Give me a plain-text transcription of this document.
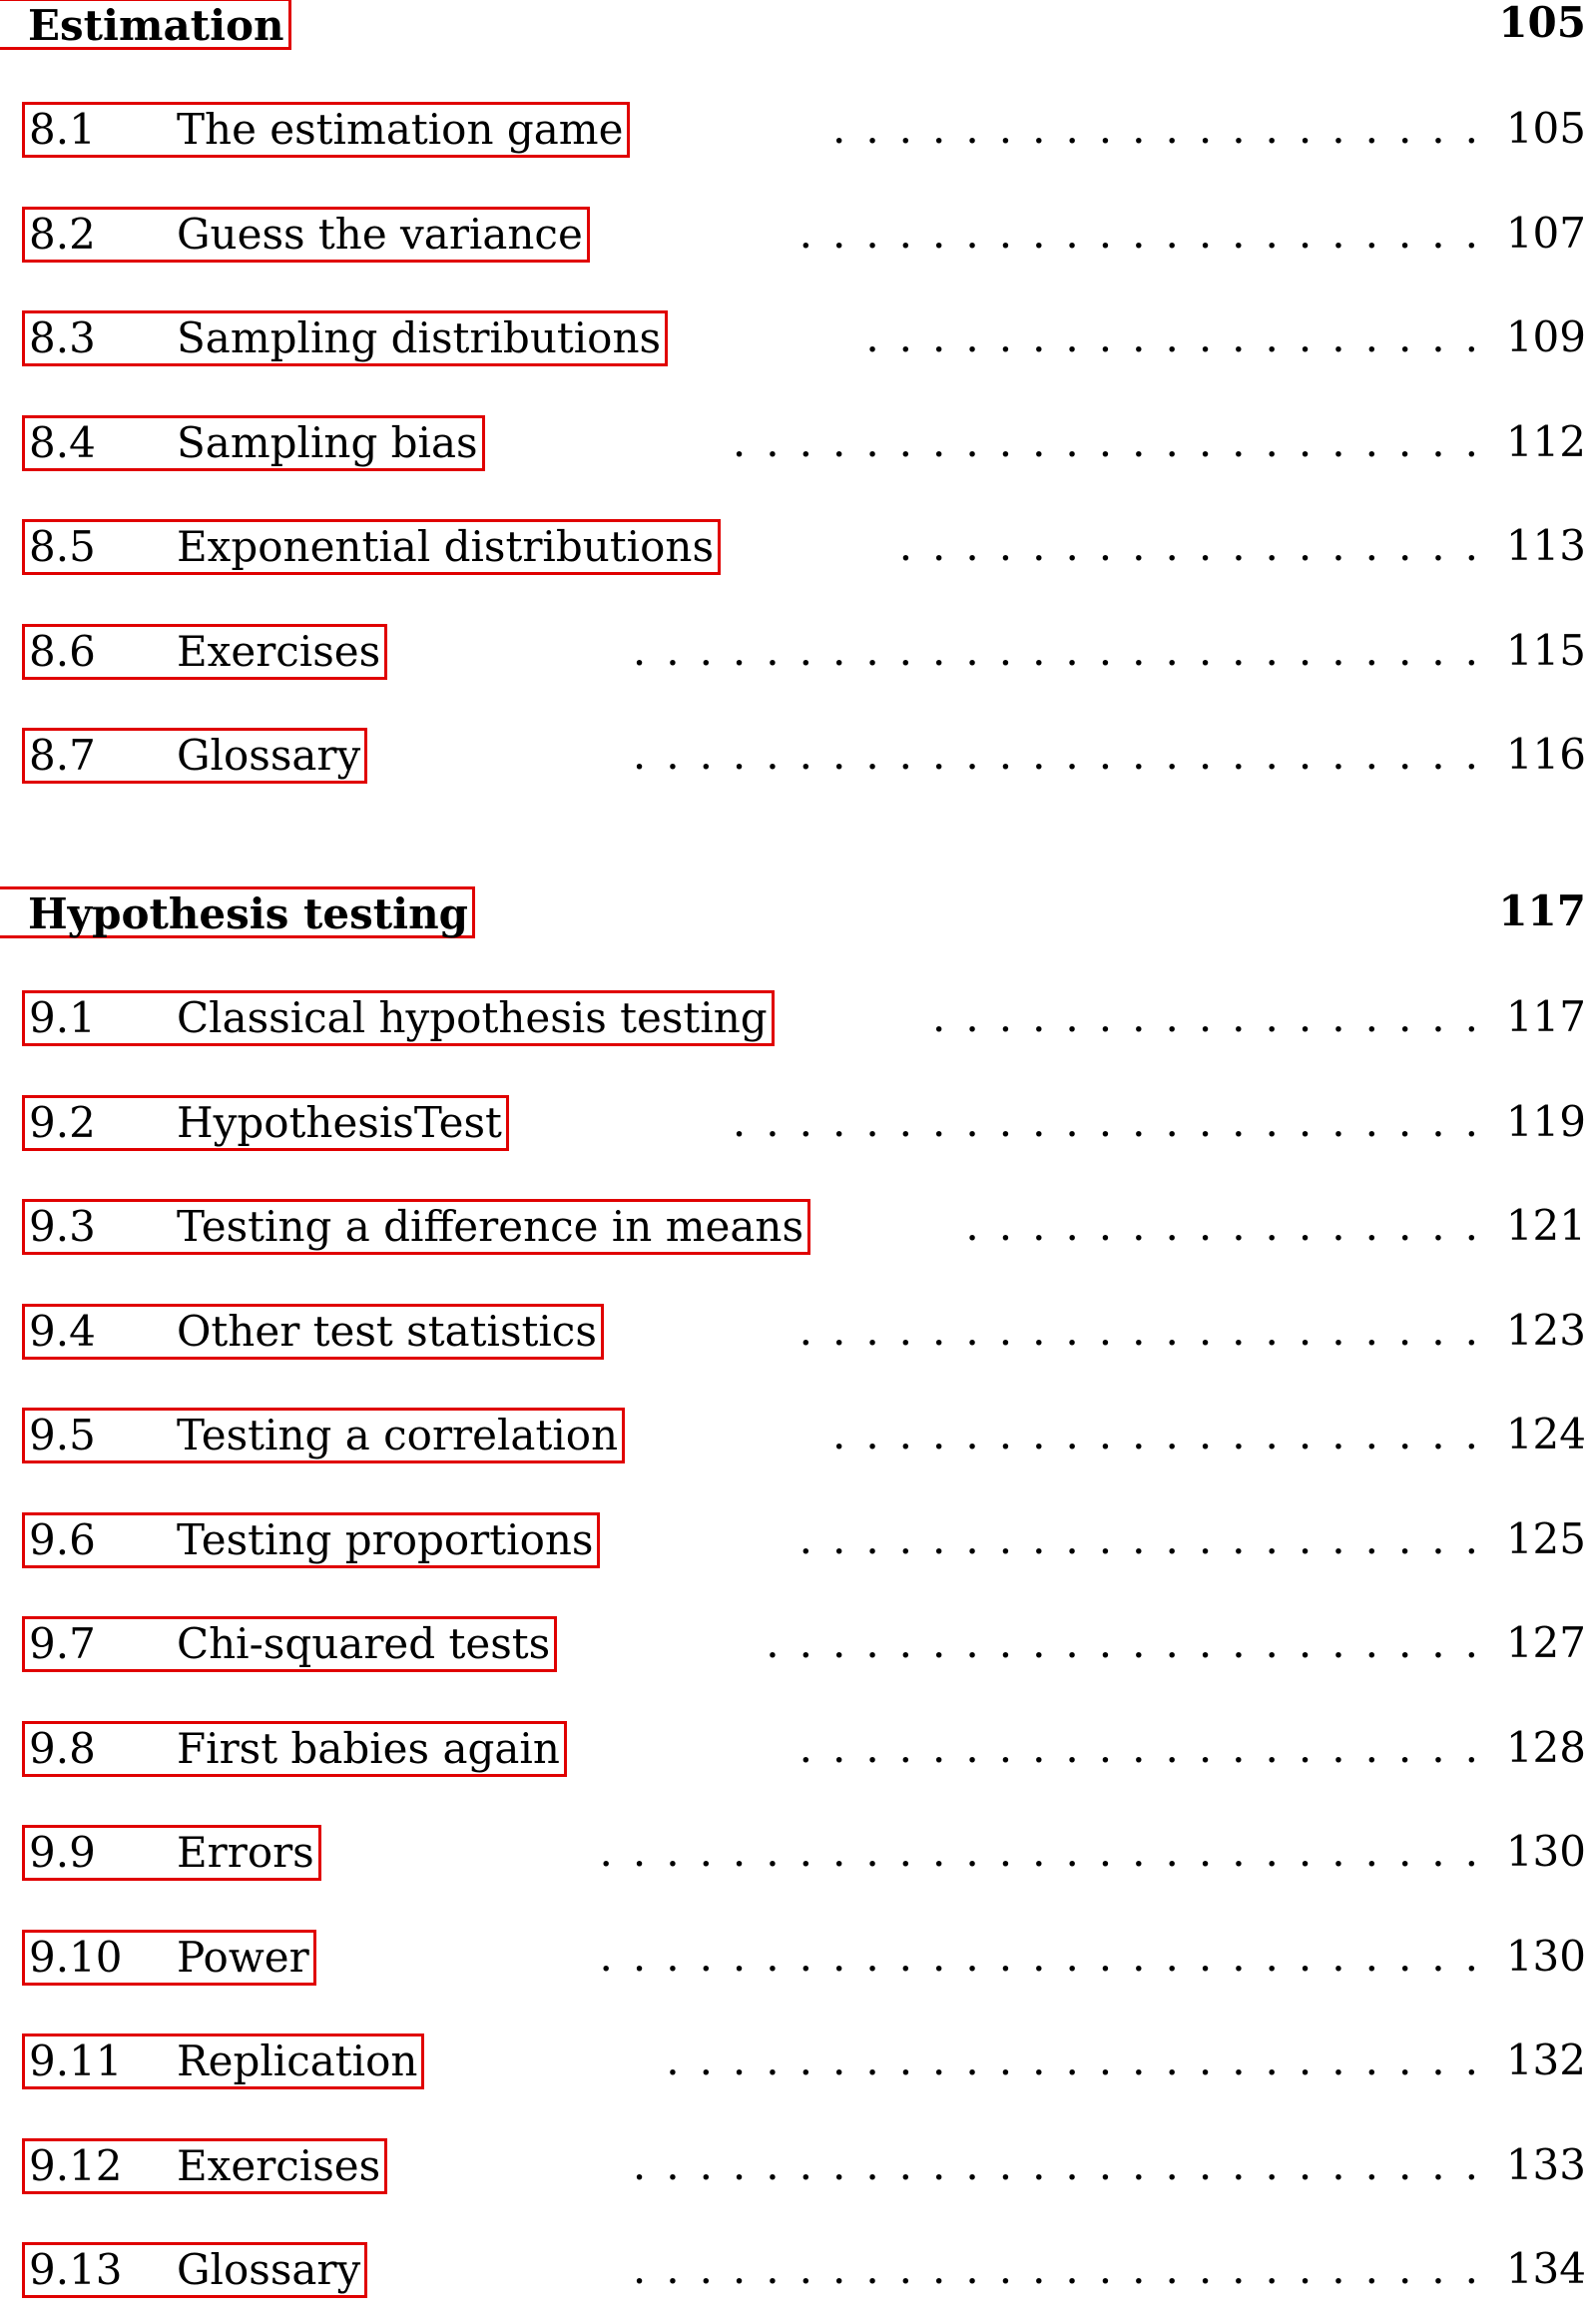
Estimation	105
8.1	The estimation game	.................... 105
8.2	Guess the variance	..................... 107
8.3	Sampling distributions	................... 109
8.4	Sampling bias	....................... 112
8.5	Exponential distributions	.................. 113
8.6	Exercises	.......................... 115
8.7	Glossary	.......................... 116
Hypothesis testing	117
9.1	Classical hypothesis testing	................. 117
9.2	HypothesisTest	....................... 119
9.3	Testing a difference in means	................ 121
9.4	Other test statistics	..................... 123
9.5	Testing a correlation	.................... 124
9.6	Testing proportions	..................... 125
9.7	Chi-squared tests	...................... 127
9.8	First babies again	..................... 128
9.9	Errors	........................... 130
9.10	Power	........................... 130
9.11	Replication	......................... 132
9.12	Exercises	.......................... 133
9.13	Glossary	.......................... 134
